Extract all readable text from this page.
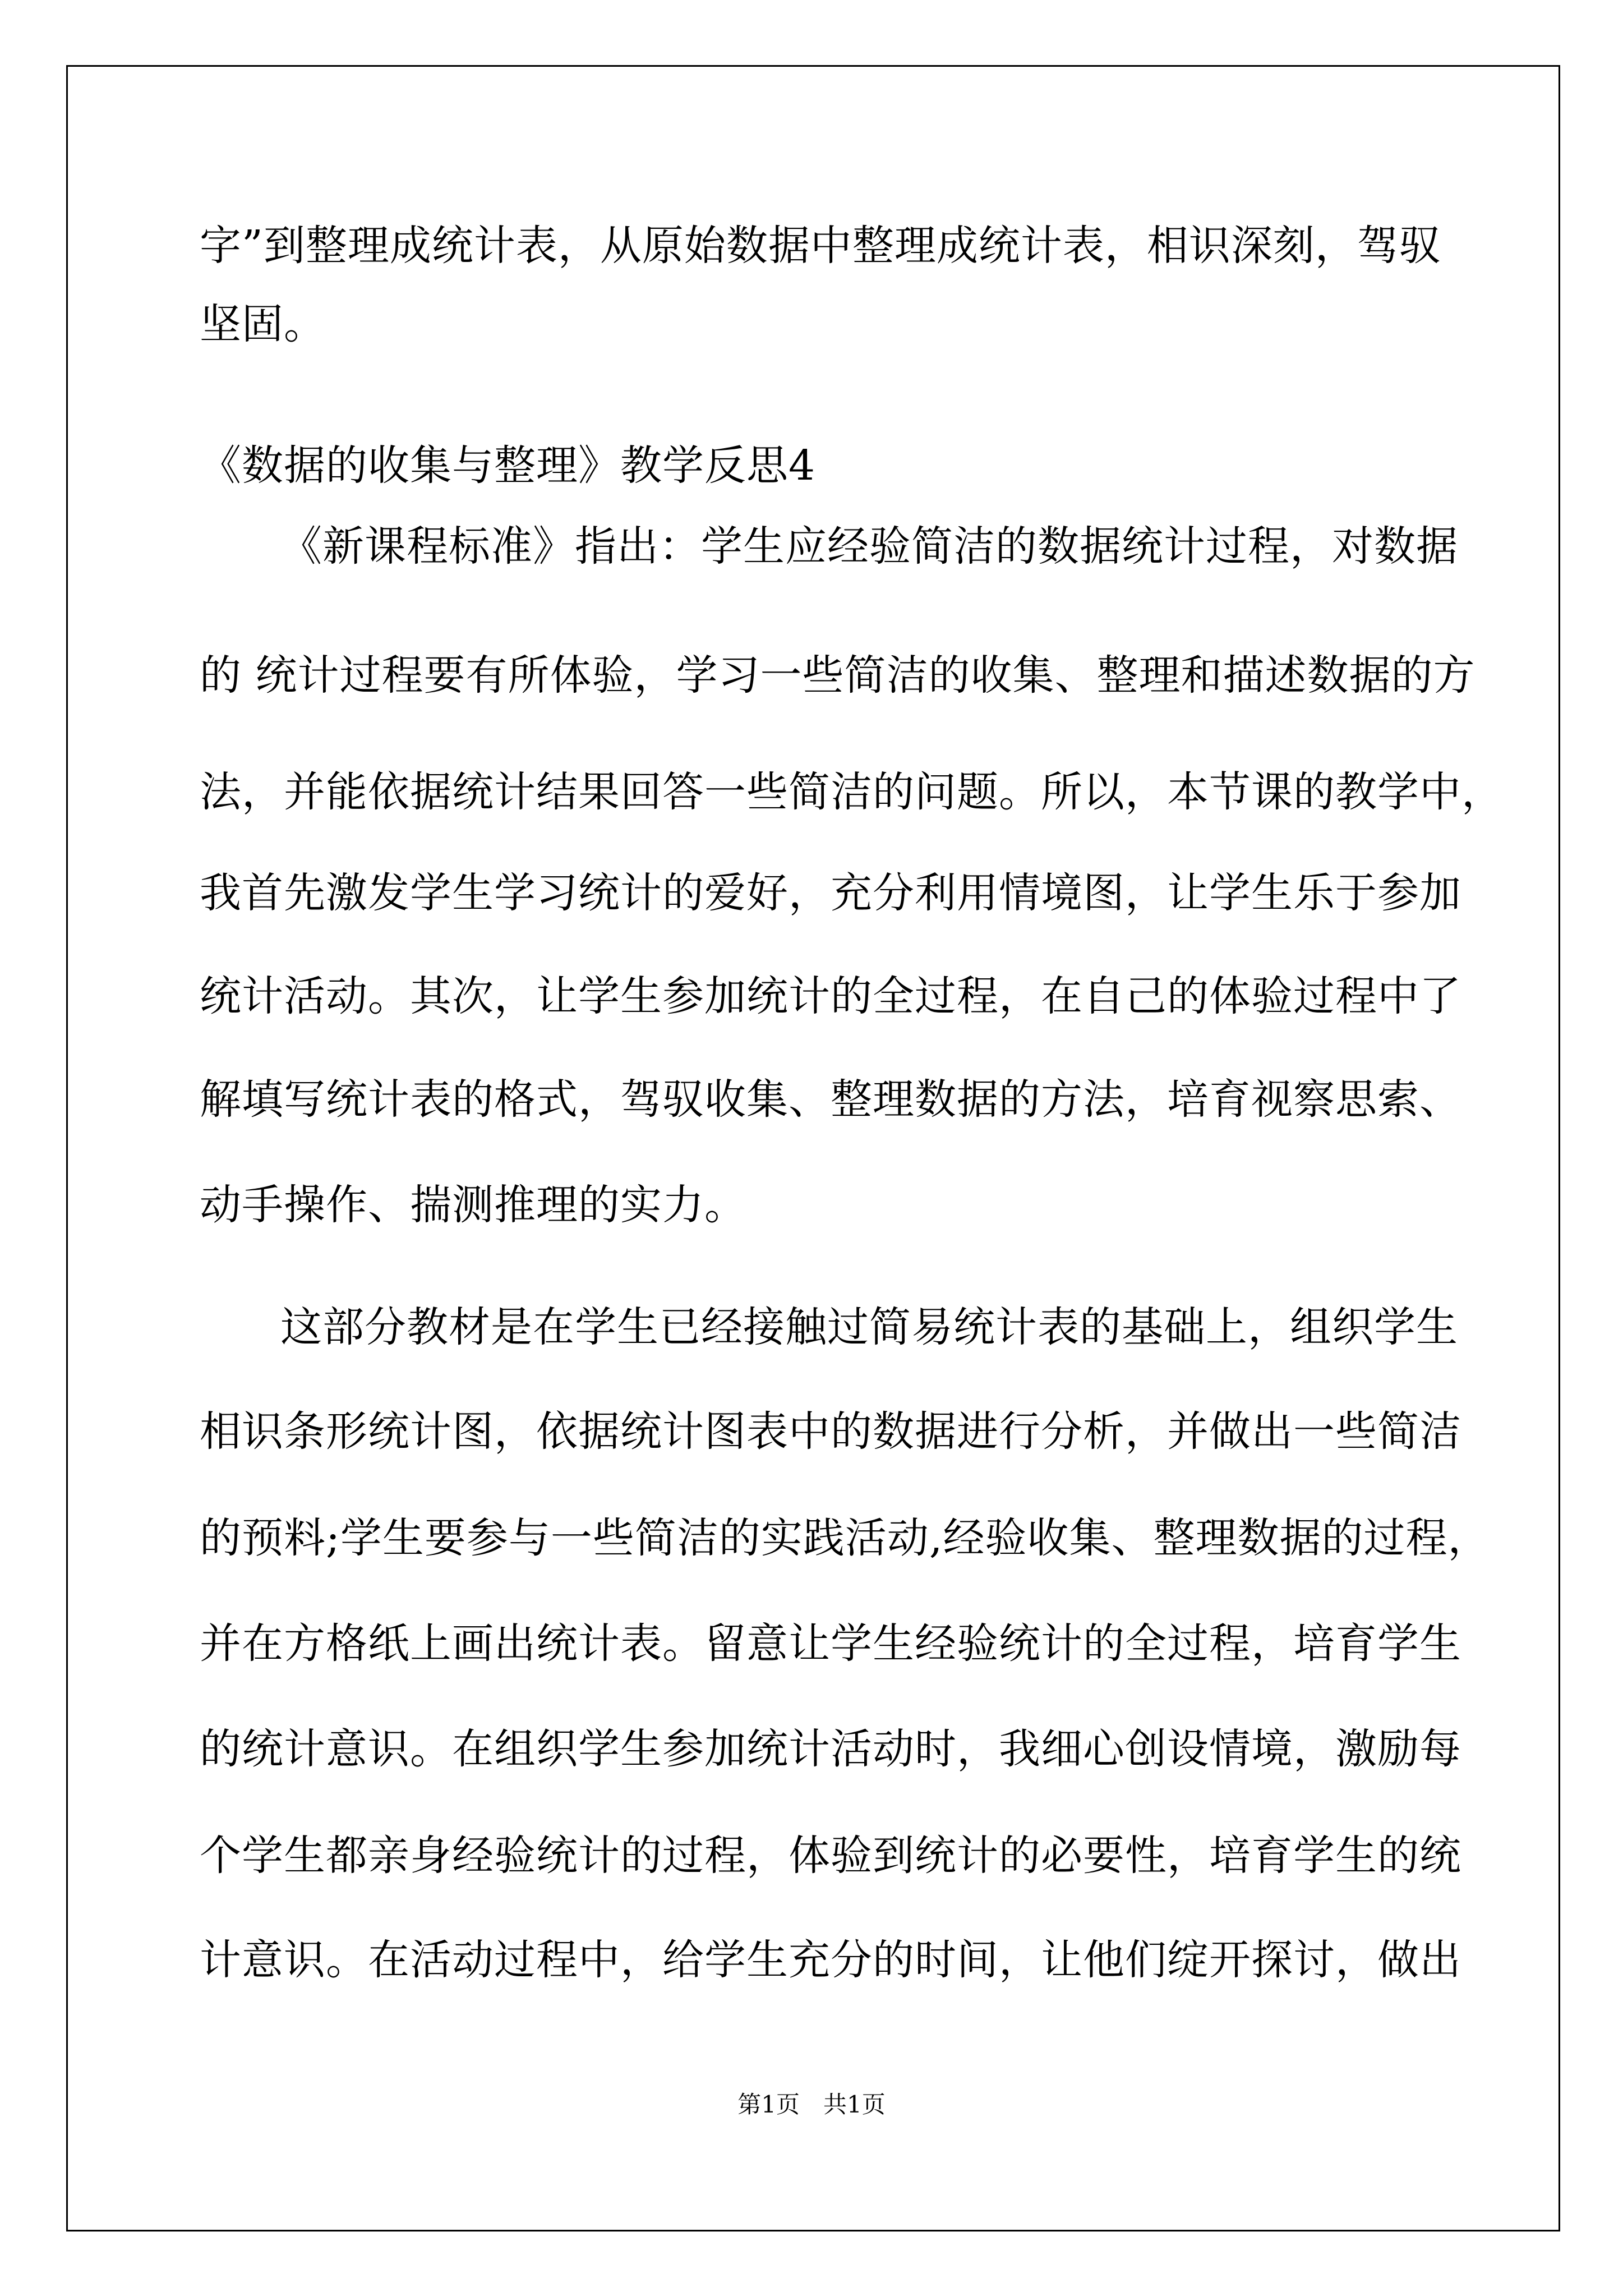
字”到整理成统计表，从原始数据中整理成统计表，相识深刻，驾驭
坚固。
《数据的收集与整理》教学反思4
《新课程标准》指出：学生应经验简洁的数据统计过程，对数据
的 统计过程要有所体验，学习一些简洁的收集、整理和描述数据的方
法，并能依据统计结果回答一些简洁的问题。所以，本节课的教学中，
我首先激发学生学习统计的爱好，充分利用情境图，让学生乐于参加
统计活动。其次，让学生参加统计的全过程，在自己的体验过程中了
解填写统计表的格式，驾驭收集、整理数据的方法，培育视察思索、
动手操作、揣测推理的实力。
这部分教材是在学生已经接触过简易统计表的基础上，组织学生
相识条形统计图，依据统计图表中的数据进行分析，并做出一些简洁
的预料;学生要参与一些简洁的实践活动,经验收集、整理数据的过程，
并在方格纸上画出统计表。留意让学生经验统计的全过程，培育学生
的统计意识。在组织学生参加统计活动时，我细心创设情境，激励每
个学生都亲身经验统计的过程，体验到统计的必要性，培育学生的统
计意识。在活动过程中，给学生充分的时间，让他们绽开探讨，做出
第1页　共1页
